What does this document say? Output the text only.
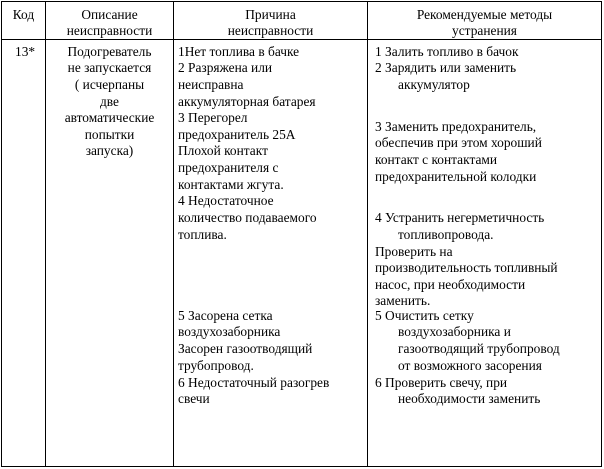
Код	Описание
неисправности
Причина
неисправности
Рекомендуемые методы
устранения
13*	Подогреватель
не запускается
( исчерпаны
две
автоматические
попытки
запуска)
1Нет топлива в бачке
2 Разряжена или
неисправна
аккумуляторная батарея
3 Перегорел
предохранитель 25А
Плохой контакт
предохранителя с
контактами жгута.
4 Недостаточное
количество подаваемого
топлива.
5 Засорена сетка
воздухозаборника
Засорен газоотводящий
трубопровод.
6 Недостаточный разогрев
свечи
1 Залить топливо в бачок
2 Зарядить или заменить
аккумулятор
3 Заменить предохранитель,
обеспечив при этом хороший
контакт с контактами
предохранительной колодки
4 Устранить негерметичность
топливопровода.
Проверить на
производительность топливный
насос, при необходимости
заменить.
5 Очистить сетку
воздухозаборника и
газоотводящий трубопровод
от возможного засорения
6 Проверить свечу, при
необходимости заменить
